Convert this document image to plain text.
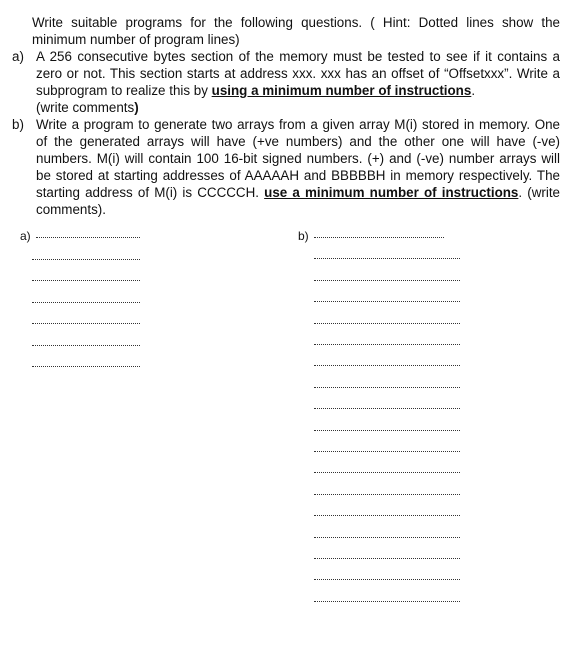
Write suitable programs for the following questions. ( Hint: Dotted lines show the minimum number of program lines)
a) A 256 consecutive bytes section of the memory must be tested to see if it contains a zero or not. This section starts at address xxx. xxx has an offset of “Offsetxxx”. Write a subprogram to realize this by using a minimum number of instructions.
(write comments)
b) Write a program to generate two arrays from a given array M(i) stored in memory. One of the generated arrays will have (+ve numbers) and the other one will have (-ve) numbers. M(i) will contain 100 16-bit signed numbers. (+) and (-ve) number arrays will be stored at starting addresses of AAAAAH and BBBBBH in memory respectively. The starting address of M(i) is CCCCCH. use a minimum number of instructions. (write comments).
a)	b)
